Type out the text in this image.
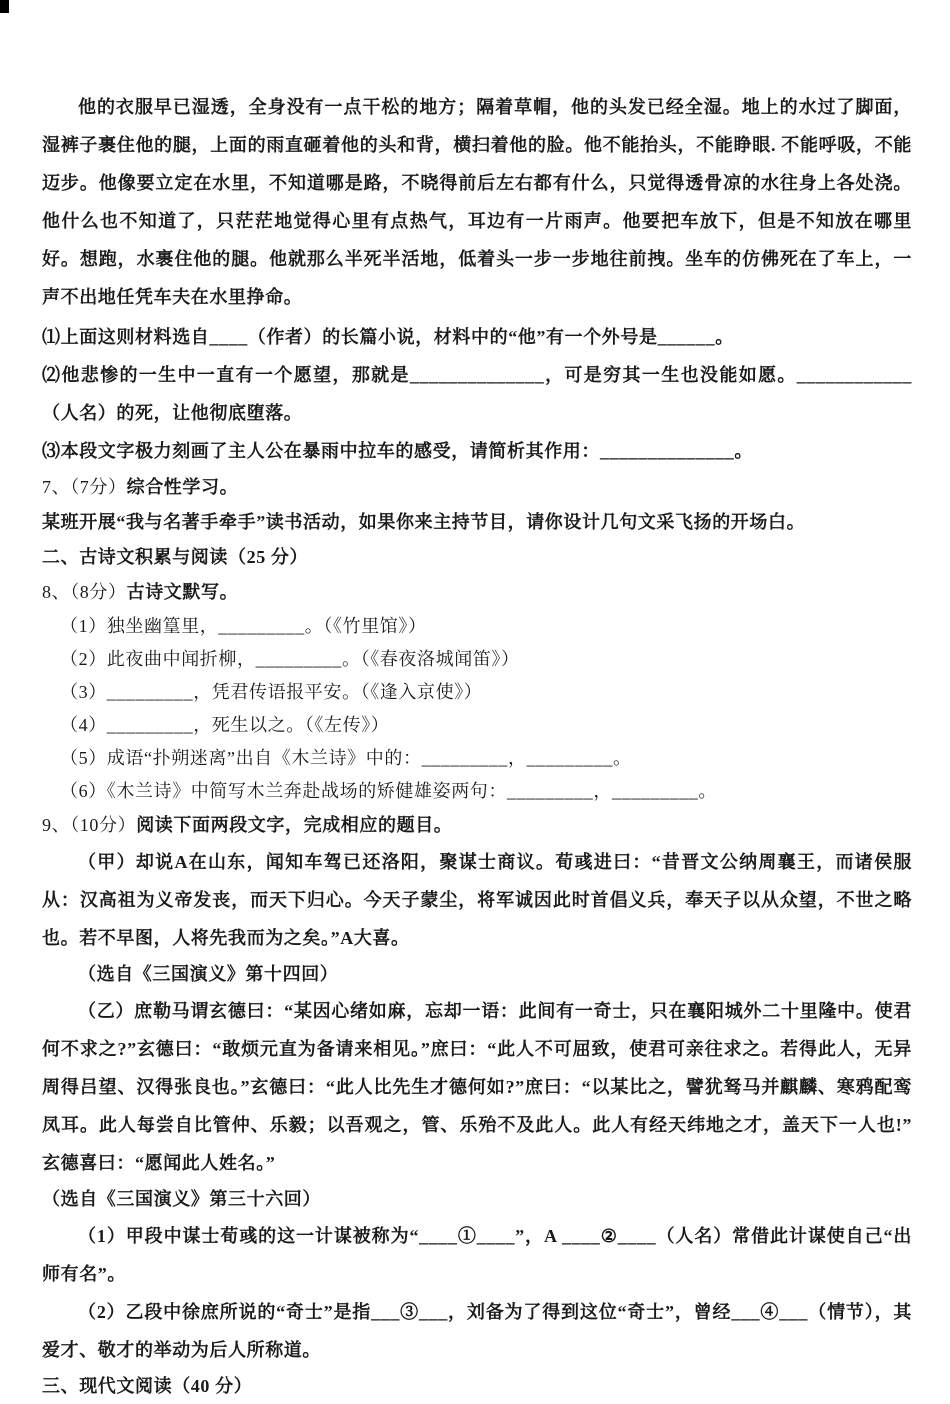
他的衣服早已湿透，全身没有一点干松的地方；隔着草帽，他的头发已经全湿。地上的水过了脚面，湿裤子裹住他的腿，上面的雨直砸着他的头和背，横扫着他的脸。他不能抬头，不能睁眼. 不能呼吸，不能迈步。他像要立定在水里，不知道哪是路，不晓得前后左右都有什么，只觉得透骨凉的水往身上各处浇。他什么也不知道了，只茫茫地觉得心里有点热气，耳边有一片雨声。他要把车放下，但是不知放在哪里好。想跑，水裹住他的腿。他就那么半死半活地，低着头一步一步地往前拽。坐车的仿佛死在了车上，一声不出地任凭车夫在水里挣命。

⑴上面这则材料选自____（作者）的长篇小说，材料中的“他”有一个外号是______。

⑵他悲惨的一生中一直有一个愿望，那就是______________，可是穷其一生也没能如愿。____________（人名）的死，让他彻底堕落。

⑶本段文字极力刻画了主人公在暴雨中拉车的感受，请简析其作用：______________。

7、（7分）综合性学习。

某班开展“我与名著手牵手”读书活动，如果你来主持节目，请你设计几句文采飞扬的开场白。

二、古诗文积累与阅读（25 分）

8、（8分）古诗文默写。

（1）独坐幽篁里，_________。（《竹里馆》）

（2）此夜曲中闻折柳，_________。（《春夜洛城闻笛》）

（3）_________，凭君传语报平安。（《逢入京使》）

（4）_________，死生以之。（《左传》）

（5）成语“扑朔迷离”出自《木兰诗》中的：_________，_________。

（6）《木兰诗》中简写木兰奔赴战场的矫健雄姿两句：_________，_________。

9、（10分）阅读下面两段文字，完成相应的题目。

（甲）却说A在山东，闻知车驾已还洛阳，聚谋士商议。荀彧进曰：“昔晋文公纳周襄王，而诸侯服从：汉高祖为义帝发丧，而天下归心。今天子蒙尘，将军诚因此时首倡义兵，奉天子以从众望，不世之略也。若不早图，人将先我而为之矣。”A大喜。

（选自《三国演义》第十四回）

（乙）庶勒马谓玄德曰：“某因心绪如麻，忘却一语：此间有一奇士，只在襄阳城外二十里隆中。使君何不求之?”玄德曰：“敢烦元直为备请来相见。”庶曰：“此人不可屈致，使君可亲往求之。若得此人，无异周得吕望、汉得张良也。”玄德曰：“此人比先生才德何如?”庶曰：“以某比之，譬犹驽马并麒麟、寒鸦配鸾凤耳。此人每尝自比管仲、乐毅；以吾观之，管、乐殆不及此人。此人有经天纬地之才，盖天下一人也!”玄德喜曰：“愿闻此人姓名。”

（选自《三国演义》第三十六回）

（1）甲段中谋士荀彧的这一计谋被称为“____①____”，A ____②____（人名）常借此计谋使自己“出师有名”。

（2）乙段中徐庶所说的“奇士”是指___③___，刘备为了得到这位“奇士”，曾经___④___（情节），其爱才、敬才的举动为后人所称道。

三、现代文阅读（40 分）
